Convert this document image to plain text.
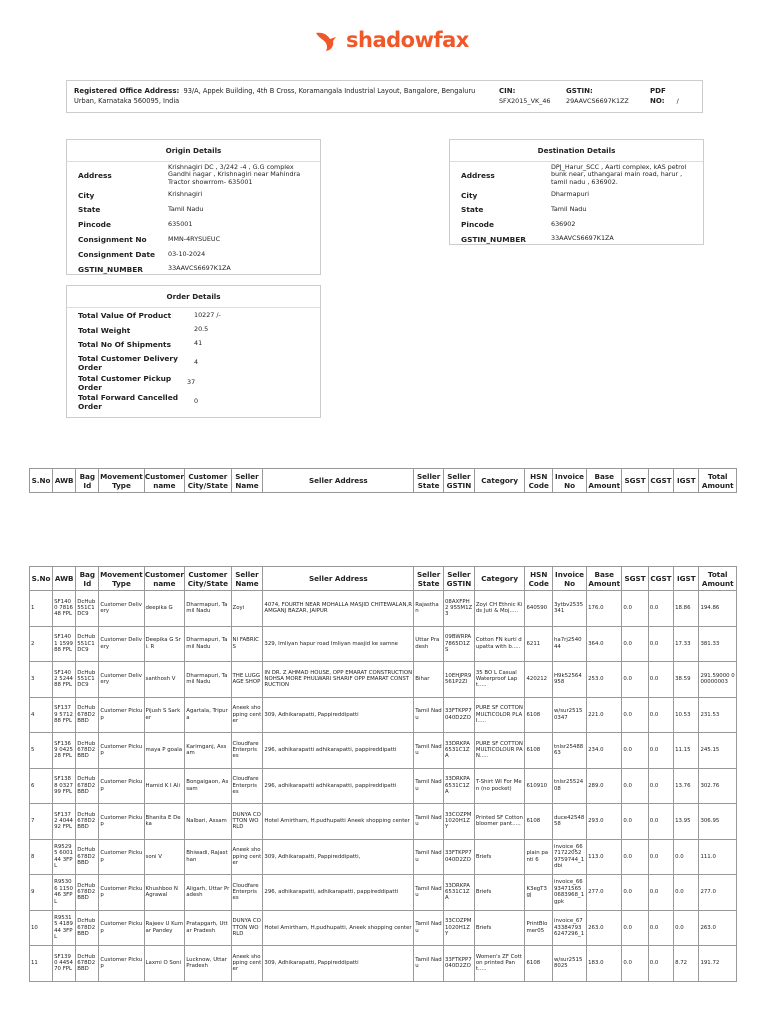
shadowfax
Registered Office Address: 93/A, Appek Building, 4th B Cross, Koramangala Industrial Layout, Bangalore, Bengaluru Urban, Karnataka 560095, India
CIN:
SFX2015_VK_46
GSTIN:
29AAVCS6697K1ZZ
PDF
NO: /
Origin Details
Address
Krishnagiri DC , 3/242 -4 , G.G complex Gandhi nagar , Krishnagiri near Mahindra Tractor showrrom- 635001
City	Krishnagiri
State	Tamil Nadu
Pincode	635001
Consignment No	MMN-4RYSUEUC
Consignment Date	03-10-2024
GSTIN_NUMBER	33AAVCS6697K1ZA
Destination Details
Address
DPJ_Harur_SCC , Aarti complex, kAS petrol bunk near, uthangarai main road, harur , tamil nadu , 636902.
City	Dharmapuri
State	Tamil Nadu
Pincode	636902
GSTIN_NUMBER	33AAVCS6697K1ZA
Order Details
Total Value Of Product	10227 /-
Total Weight	20.5
Total No Of Shipments	41
Total Customer Delivery Order
4
Total Customer Pickup Order
37
Total Forward Cancelled Order
0
S.No	AWB	Bag Id	Movement Type	Customer name	Customer City/State	Seller Name	Seller Address	Seller State	Seller GSTIN	Category	HSN Code	Invoice No	Base Amount	SGST	CGST	IGST	Total Amount
S.No	AWB	Bag Id	Movement Type	Customer name	Customer City/State	Seller Name	Seller Address	Seller State	Seller GSTIN	Category	HSN Code	Invoice No	Base Amount	SGST	CGST	IGST	Total Amount
1	SF1400 781648 FPL	DcHub 551C1 DC9	Customer Delivery	deepika G	Dharmapuri, Tamil Nadu	Zoyi	4074, FOURTH NEAR MOHALLA MASJID CHITEWALAN,RAMGANJ BAZAR, JAIPUR	Rajastha n	08AXFPH2 955M1Z3	Zoyi CH Ethnic Kids Juti & Moj.....	640590	3ytbv2535 341	176.0	0.0	0.0	18.86	194.86
2	SF1401 159988 FPL	DcHub 551C1 DC9	Customer Delivery	Deepika G Sri. R	Dharmapuri, Tamil Nadu	NI FABRICS	329, Imliyan hapur road Imliyan masjid ke samne	Uttar Pradesh	09BWRPA 7865D1ZS	Cotton FN kurti dupatta with b.....	6211	ha7rj2540 44	364.0	0.0	0.0	17.33	381.33
3	SF1402 524488 FPL	DcHub 551C1 DC9	Customer Delivery	santhosh V	Dharmapuri, Tamil Nadu	THE LUGGAGE SHOP	IN DR. Z AHMAD HOUSE, OPP EMARAT CONSTRUCTION NOHSA MORE PHULWARI SHARIF OPP EMARAT CONSTRUCTION	Bihar	10EHJPR9 561P2ZI	35 BO L Casual Waterproof Lapt.....	420212	H9k52564 958	253.0	0.0	0.0	38.59	291.59000 000000003
4	SF1379 571288 FPL	DcHub 678D2 BBD	Customer Pickup	Pijush S Sarker	Agartala, Tripura	Aneek shopping center	309, Adhikarapatti, Pappireddipatti	Tamil Nadu	33FTKPP7 040D2ZO	PURE SF COTTON MULTICOLOR PLAI.....	6108	w/sur2515 0347	221.0	0.0	0.0	10.53	231.53
5	SF1369 042528 FPL	DcHub 678D2 BBD	Customer Pickup	maya P goala	Karimganj, Assam	Cloudfare Enterpris es	296, adhikarapatti adhikarapatti, pappireddipatti	Tamil Nadu	33DRKPA 6531C1ZA	PURE SF COTTON MULTICOLOUR PAN.....	6108	tnlsr25488 63	234.0	0.0	0.0	11.15	245.15
6	SF1388 032799 FPL	DcHub 678D2 BBD	Customer Pickup	Hamid K I Ali	Bongaigaon, Assam	Cloudfare Enterpris es	296, adhikarapatti adhikarapatti, pappireddipatti	Tamil Nadu	33DRKPA 6531C1ZA	T-Shirt WI For Men (no pocket)	610910	tnlsr25524 08	289.0	0.0	0.0	13.76	302.76
7	SF1372 404492 FPL	DcHub 678D2 BBD	Customer Pickup	Bhanita E Deka	Nalbari, Assam	DUNYA COTTON WORLD	Hotel Amirtham, H.pudhupatti Aneek shopping center	Tamil Nadu	33COZPM 1020H1ZY	Printed SF Cotton bloomer pant.....	6108	duce42548 58	293.0	0.0	0.0	13.95	306.95
8	R95295 600144 3FPL	DcHub 678D2 BBD	Customer Pickup	soni V	Bhiwadi, Rajasthan	Aneek shopping center	309, Adhikarapatti, Pappireddipatti,	Tamil Nadu	33FTKPP7 040D2ZO	Briefs	plain panti 6	invoice_66 71722052 9759744_1 dbi	113.0	0.0	0.0	0.0	111.0
9	R95306 115046 3FPL	DcHub 678D2 BBD	Customer Pickup	Khushboo N Agrawal	Aligarh, Uttar Pradesh	Cloudfare Enterpris es	296, adhikarapatti, adhikarapatti, pappireddipatti	Tamil Nadu	33DRKPA 6531C1ZA	Briefs	K3egT3 gj	invoice_66 93471565 0683968_1 gpk	277.0	0.0	0.0	0.0	277.0
10	R95315 418944 3FPL	DcHub 678D2 BBD	Customer Pickup	Rajeev U Kumar Pandey	Pratapgarh, Uttar Pradesh	DUNYA COTTON WORLD	Hotel Amirtham, H.pudhupatti, Aneek shopping center	Tamil Nadu	33COZPM 1020H1ZY	Briefs	PrintBlo mer05	invoice_67 43384793 6247296_1	263.0	0.0	0.0	0.0	263.0
11	SF1390 445470 FPL	DcHub 678D2 BBD	Customer Pickup	Laxmi O Soni	Lucknow, Uttar Pradesh	Aneek shopping center	309, Adhikarapatti, Pappireddipatti	Tamil Nadu	33FTKPP7 040D2ZO	Women's ZF Cotton printed Pant.....	6108	w/sur2515 8025	183.0	0.0	0.0	8.72	191.72
